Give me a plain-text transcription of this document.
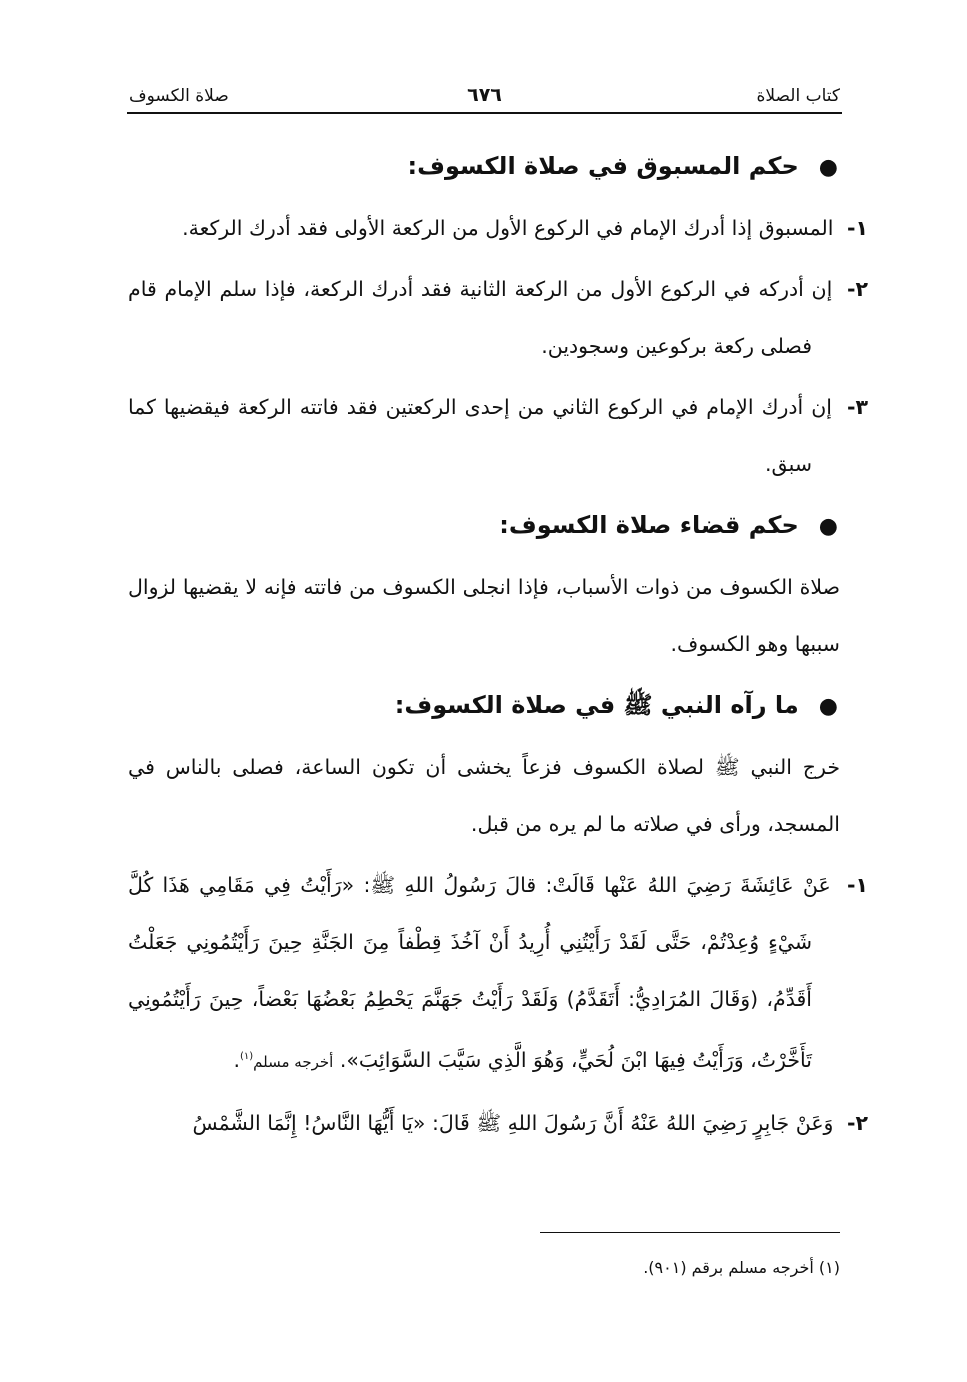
كتاب الصلاة
٦٧٦
صلاة الكسوف

●حكم المسبوق في صلاة الكسوف:

١- المسبوق إذا أدرك الإمام في الركوع الأول من الركعة الأولى فقد أدرك الركعة.

٢- إن أدركه في الركوع الأول من الركعة الثانية فقد أدرك الركعة، فإذا سلم الإمام قام فصلى ركعة بركوعين وسجودين.

٣- إن أدرك الإمام في الركوع الثاني من إحدى الركعتين فقد فاتته الركعة فيقضيها كما سبق.

●حكم قضاء صلاة الكسوف:

صلاة الكسوف من ذوات الأسباب، فإذا انجلى الكسوف من فاتته فإنه لا يقضيها لزوال سببها وهو الكسوف.

●ما رآه النبي ﷺ في صلاة الكسوف:

خرج النبي ﷺ لصلاة الكسوف فزعاً يخشى أن تكون الساعة، فصلى بالناس في المسجد، ورأى في صلاته ما لم يره من قبل.

١- عَنْ عَائِشَةَ رَضِيَ اللهُ عَنْها قَالَتْ: قالَ رَسُولُ اللهِ ﷺ: «رَأَيْتُ فِي مَقَامِي هَذَا كُلَّ شَيْءٍ وُعِدْتُمْ، حَتَّى لَقَدْ رَأَيْتُنِي أُرِيدُ أَنْ آخُذَ قِطْفاً مِنَ الجَنَّةِ حِينَ رَأَيْتُمُونِي جَعَلْتُ أَقَدِّمُ، (وَقَالَ المُرَادِيُّ: أَتَقَدَّمُ) وَلَقَدْ رَأَيْتُ جَهَنَّمَ يَحْطِمُ بَعْضُهَا بَعْضاً، حِينَ رَأَيْتُمُونِي تَأَخَّرْتُ، وَرَأَيْتُ فِيهَا ابْنَ لُحَيٍّ، وَهُوَ الَّذِي سَيَّبَ السَّوَائِبَ». أخرجه مسلم$^{(١)}$.

٢- وَعَنْ جَابِرٍ رَضِيَ اللهُ عَنْهُ أَنَّ رَسُولَ اللهِ ﷺ قَالَ: «يَا أَيُّهَا النَّاسُ! إِنَّمَا الشَّمْسُ

(١) أخرجه مسلم برقم (٩٠١).
